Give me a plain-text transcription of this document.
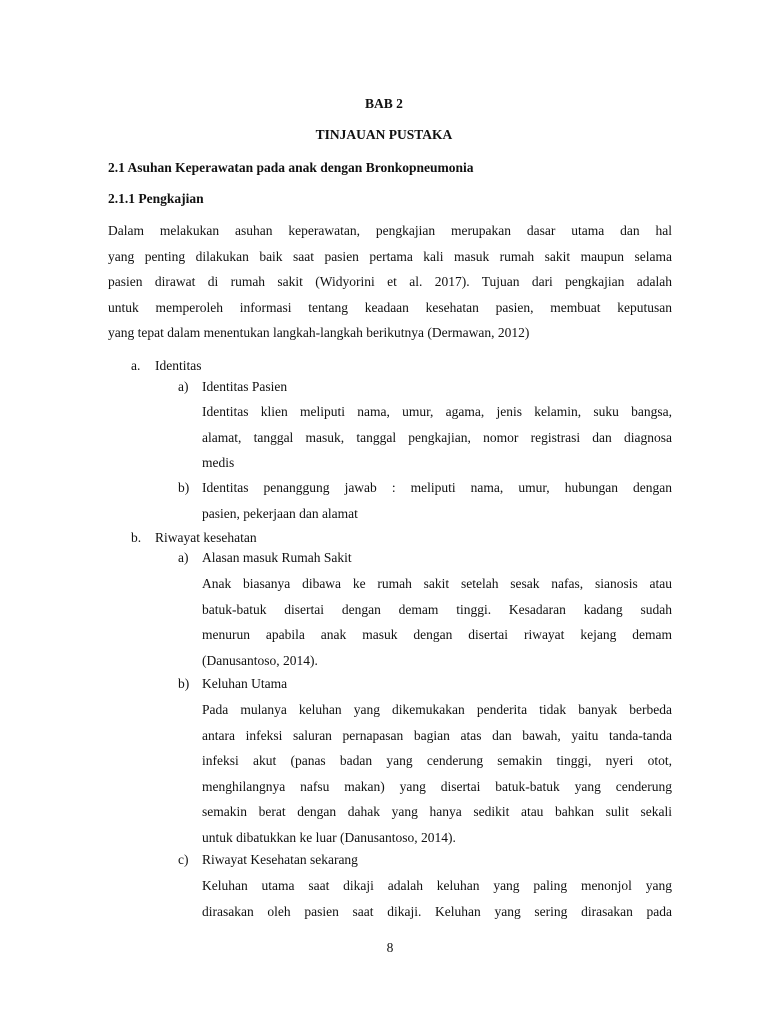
BAB 2
TINJAUAN PUSTAKA
2.1 Asuhan Keperawatan pada anak dengan Bronkopneumonia
2.1.1 Pengkajian
Dalam melakukan asuhan keperawatan, pengkajian merupakan dasar utama dan hal
yang penting dilakukan baik saat pasien pertama kali masuk rumah sakit maupun selama
pasien dirawat di rumah sakit (Widyorini et al. 2017). Tujuan dari pengkajian adalah
untuk memperoleh informasi tentang keadaan kesehatan pasien, membuat keputusan
yang tepat dalam menentukan langkah-langkah berikutnya (Dermawan, 2012)
a. Identitas
a) Identitas Pasien
Identitas klien meliputi nama, umur, agama, jenis kelamin, suku bangsa,
alamat, tanggal masuk, tanggal pengkajian, nomor registrasi dan diagnosa
medis
b) Identitas penanggung jawab : meliputi nama, umur, hubungan dengan
pasien, pekerjaan dan alamat
b. Riwayat kesehatan
a) Alasan masuk Rumah Sakit
Anak biasanya dibawa ke rumah sakit setelah sesak nafas, sianosis atau
batuk-batuk disertai dengan demam tinggi. Kesadaran kadang sudah
menurun apabila anak masuk dengan disertai riwayat kejang demam
(Danusantoso, 2014).
b) Keluhan Utama
Pada mulanya keluhan yang dikemukakan penderita tidak banyak berbeda
antara infeksi saluran pernapasan bagian atas dan bawah, yaitu tanda-tanda
infeksi akut (panas badan yang cenderung semakin tinggi, nyeri otot,
menghilangnya nafsu makan) yang disertai batuk-batuk yang cenderung
semakin berat dengan dahak yang hanya sedikit atau bahkan sulit sekali
untuk dibatukkan ke luar (Danusantoso, 2014).
c) Riwayat Kesehatan sekarang
Keluhan utama saat dikaji adalah keluhan yang paling menonjol yang
dirasakan oleh pasien saat dikaji. Keluhan yang sering dirasakan pada
8
